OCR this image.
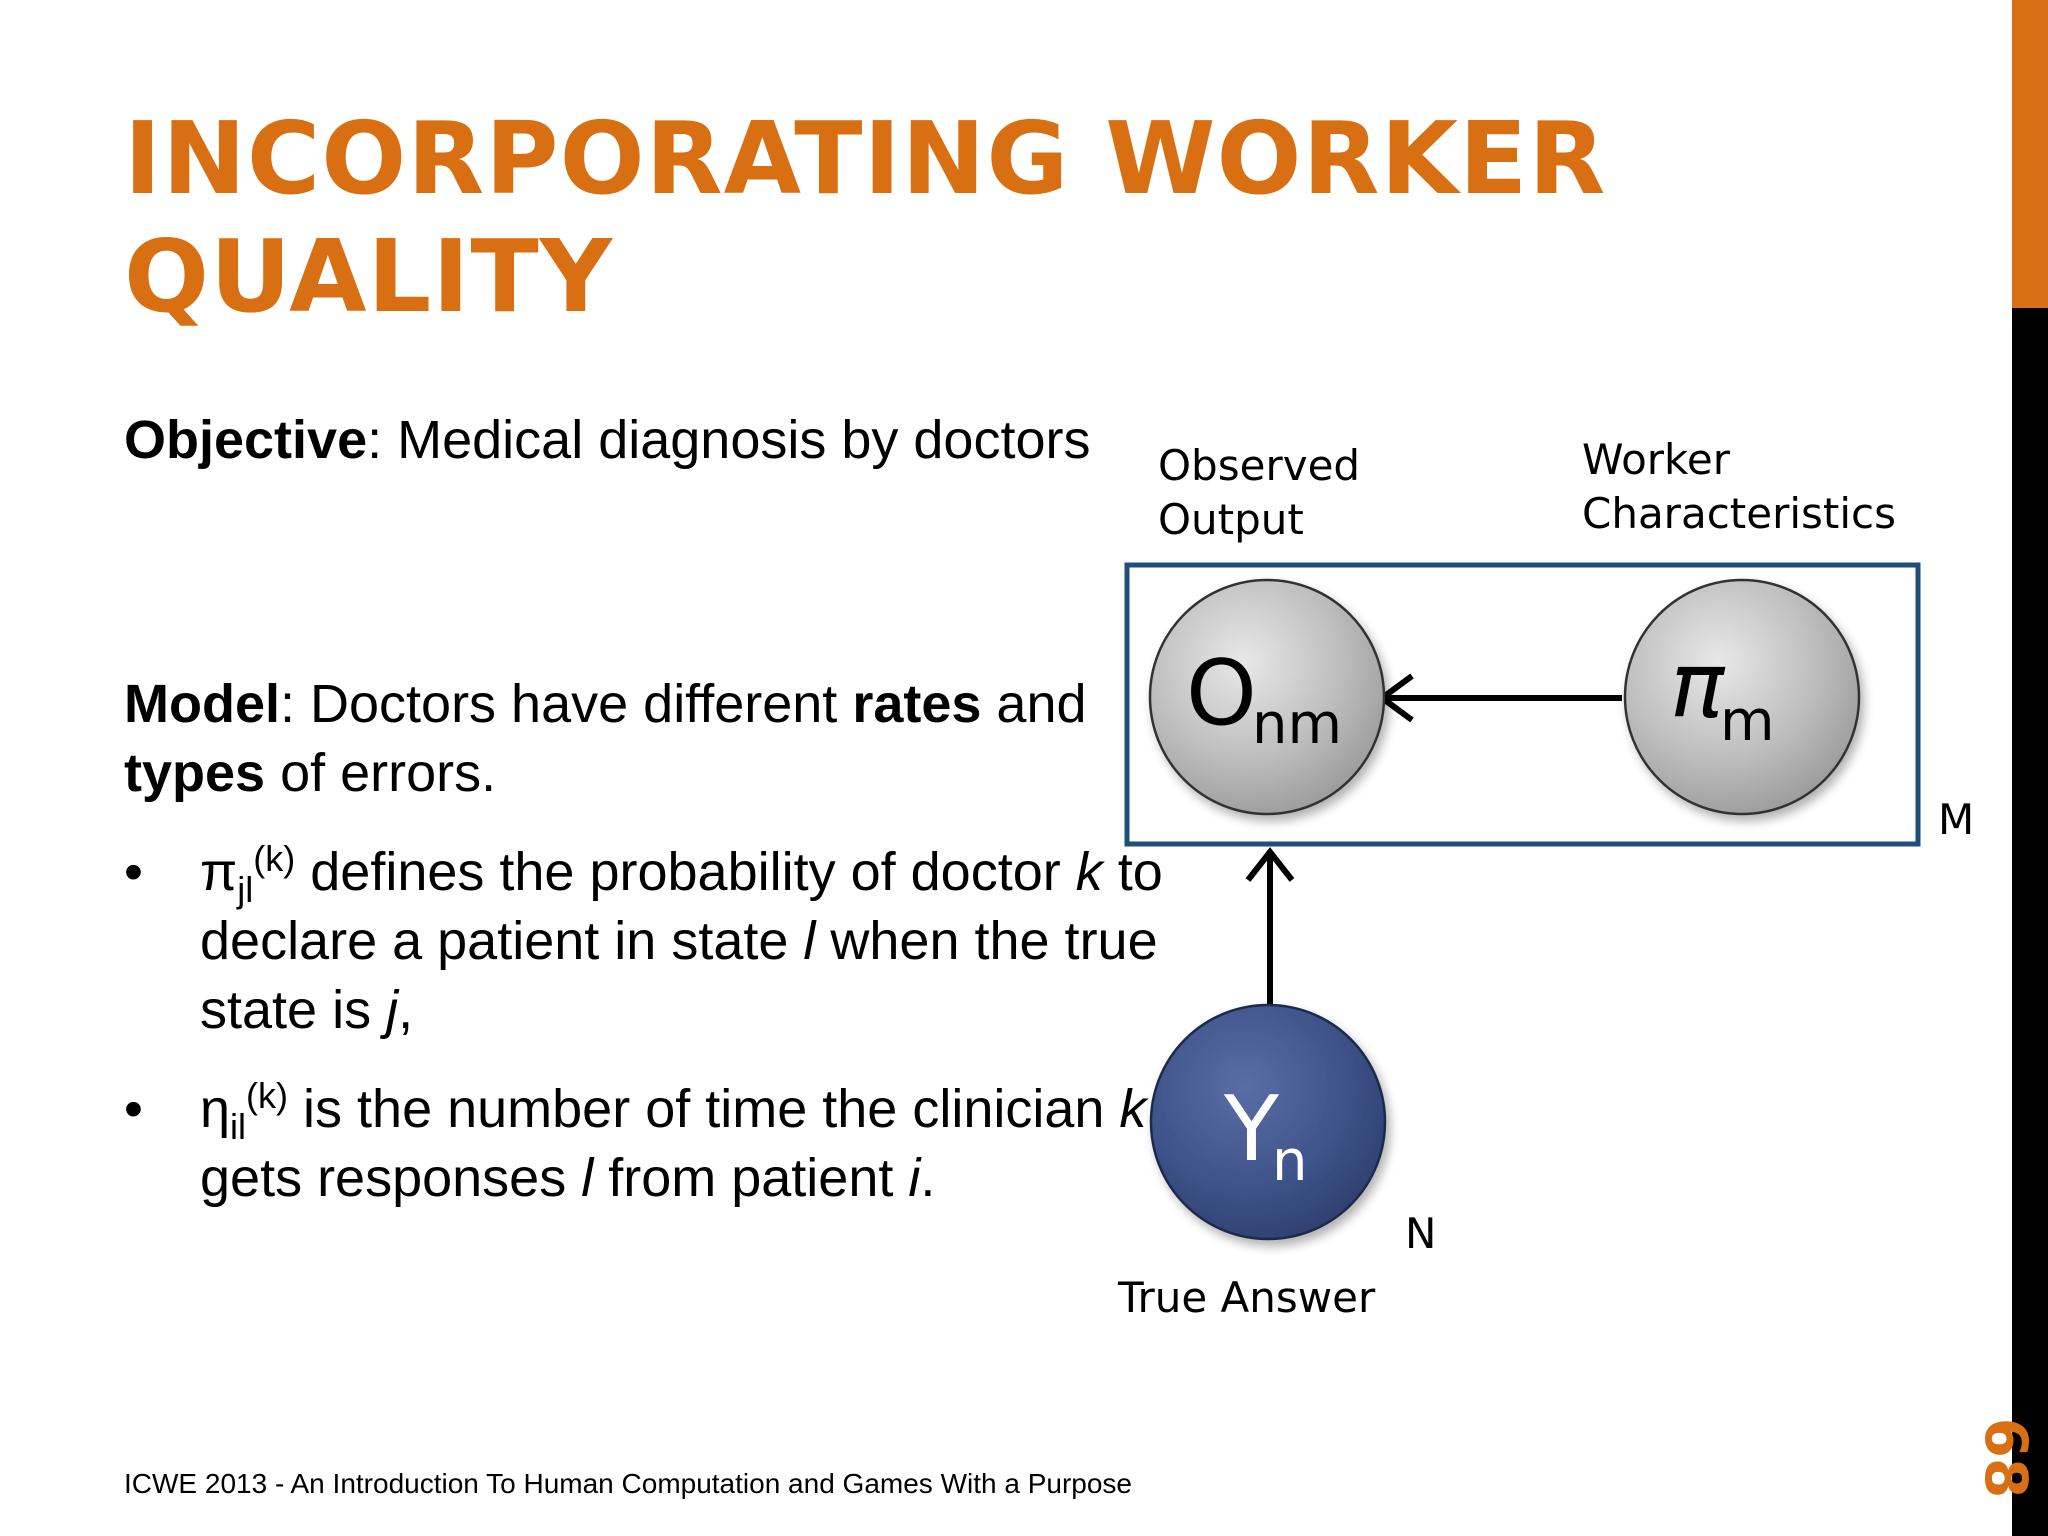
INCORPORATING WORKER
QUALITY
Objective: Medical diagnosis by doctors
Model: Doctors have different rates and types of errors.
• $\pi_{jl}^{(k)}$ defines the probability of doctor k to declare a patient in state l when the true state is j,
• $\eta_{il}^{(k)}$ is the number of time the clinician k gets responses l from patient i.
Observed
Output
Worker
Characteristics
M
O
nm	π
m
Y
n
N
True Answer
ICWE 2013 - An Introduction To Human Computation and Games With a Purpose	68
